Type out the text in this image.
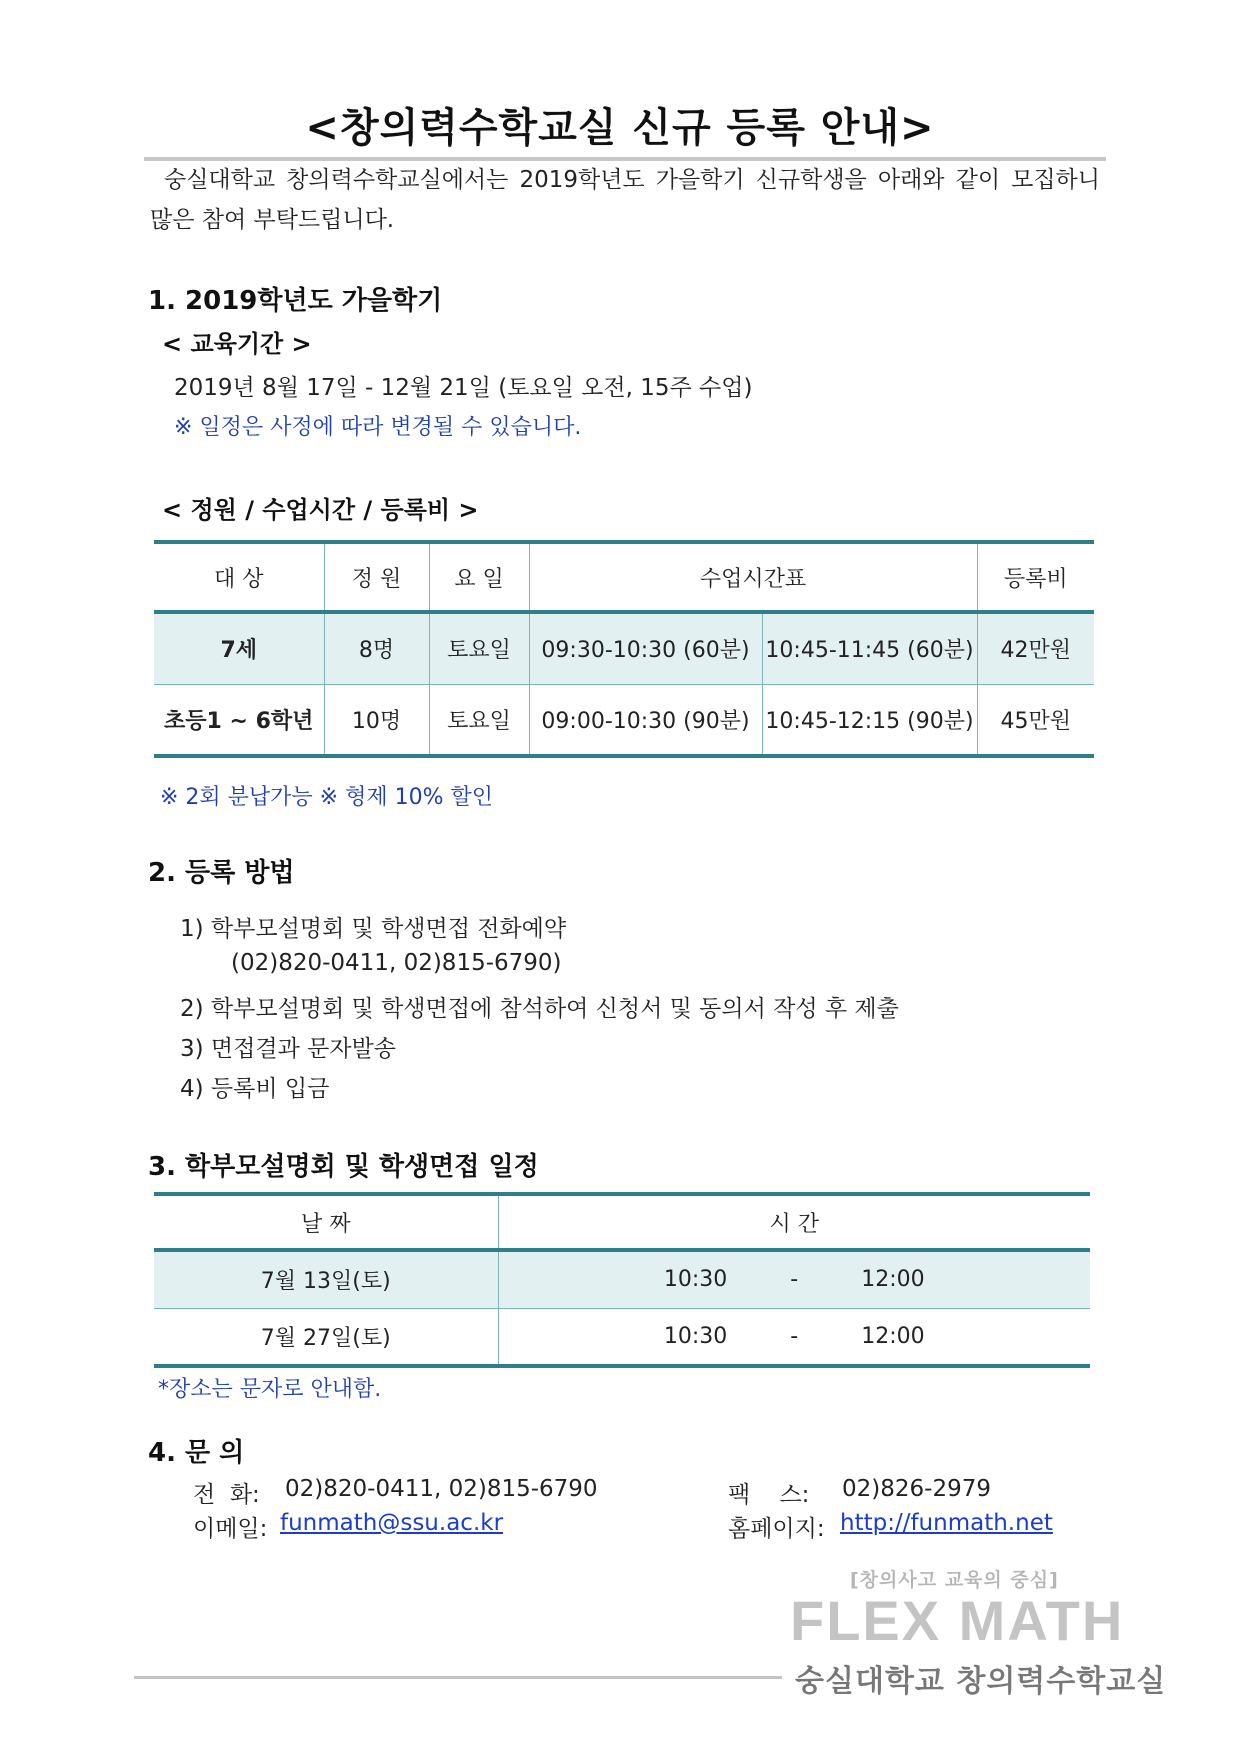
<창의력수학교실 신규 등록 안내>
숭실대학교 창의력수학교실에서는 2019학년도 가을학기 신규학생을 아래와 같이 모집하니 많은 참여 부탁드립니다.
1. 2019학년도 가을학기
< 교육기간 >
2019년 8월 17일 - 12월 21일 (토요일 오전, 15주 수업)
※ 일정은 사정에 따라 변경될 수 있습니다.
< 정원 / 수업시간 / 등록비 >
대 상	정 원	요 일	수업시간표		등록비
7세	8명	토요일	09:30-10:30 (60분)	10:45-11:45 (60분)	42만원
초등1 ~ 6학년	10명	토요일	09:00-10:30 (90분)	10:45-12:15 (90분)	45만원
※ 2회 분납가능 ※ 형제 10% 할인
2. 등록 방법
1) 학부모설명회 및 학생면접 전화예약
(02)820-0411, 02)815-6790)
2) 학부모설명회 및 학생면접에 참석하여 신청서 및 동의서 작성 후 제출
3) 면접결과 문자발송
4) 등록비 입금
3. 학부모설명회 및 학생면접 일정
날 짜	시 간
7월 13일(토)	10:30 - 12:00
7월 27일(토)	10:30 - 12:00
*장소는 문자로 안내함.
4. 문 의
전  화: 02)820-0411, 02)815-6790	팩    스: 02)826-2979
이메일: funmath@ssu.ac.kr	홈페이지: http://funmath.net
[창의사고 교육의 중심]
FLEX MATH
숭실대학교 창의력수학교실
